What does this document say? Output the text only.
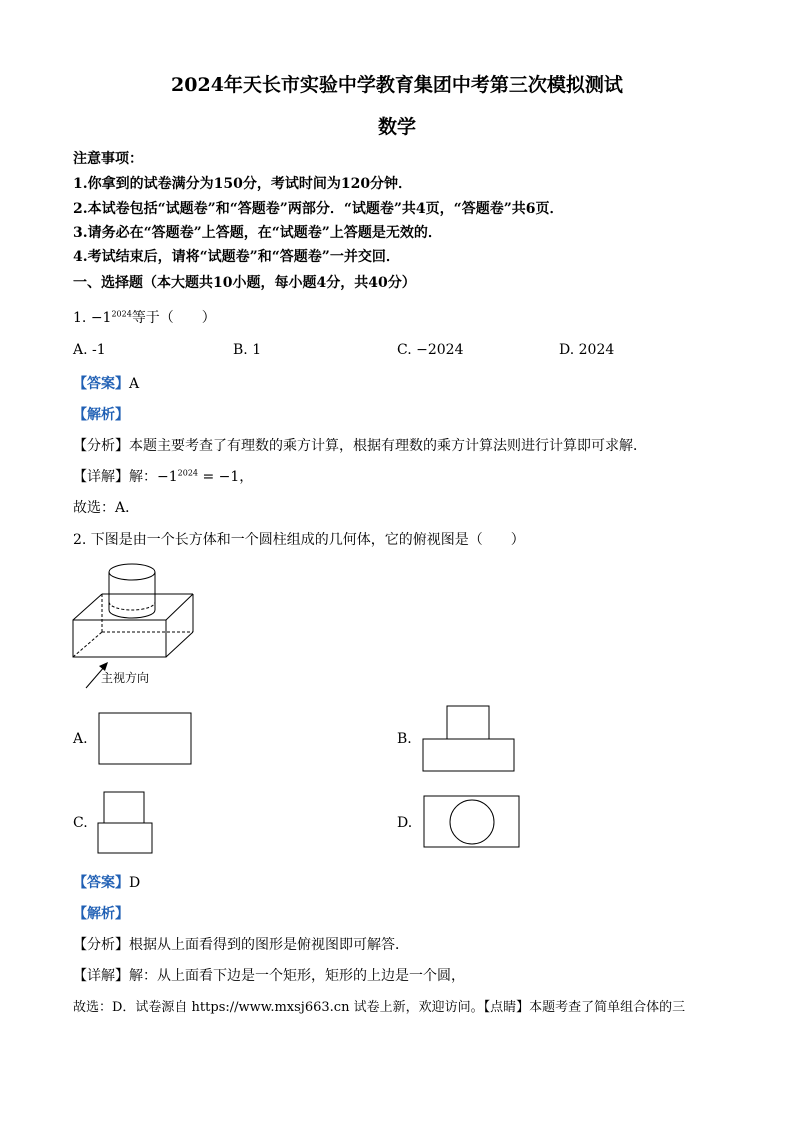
2024年天长市实验中学教育集团中考第三次模拟测试
数学
注意事项：
1.你拿到的试卷满分为150分，考试时间为120分钟．
2.本试卷包括“试题卷”和“答题卷”两部分．“试题卷”共4页，“答题卷”共6页．
3.请务必在“答题卷”上答题，在“试题卷”上答题是无效的．
4.考试结束后，请将“试题卷”和“答题卷”一并交回．
一、选择题（本大题共10小题，每小题4分，共40分）
1. $-1^{2024}$等于（　　）
A. -1	B. 1	C. −2024	D. 2024
【答案】A
【解析】
【分析】本题主要考查了有理数的乘方计算，根据有理数的乘方计算法则进行计算即可求解．
【详解】解：$-1^{2024} = -1$，
故选：A．
2. 下图是由一个长方体和一个圆柱组成的几何体，它的俯视图是（　　）
主视方向
A.	B.
C.	D.
【答案】D
【解析】
【分析】根据从上面看得到的图形是俯视图即可解答．
【详解】解：从上面看下边是一个矩形，矩形的上边是一个圆，
故选：D．试卷源自 https://www.mxsj663.cn 试卷上新，欢迎访问。【点睛】本题考查了简单组合体的三
